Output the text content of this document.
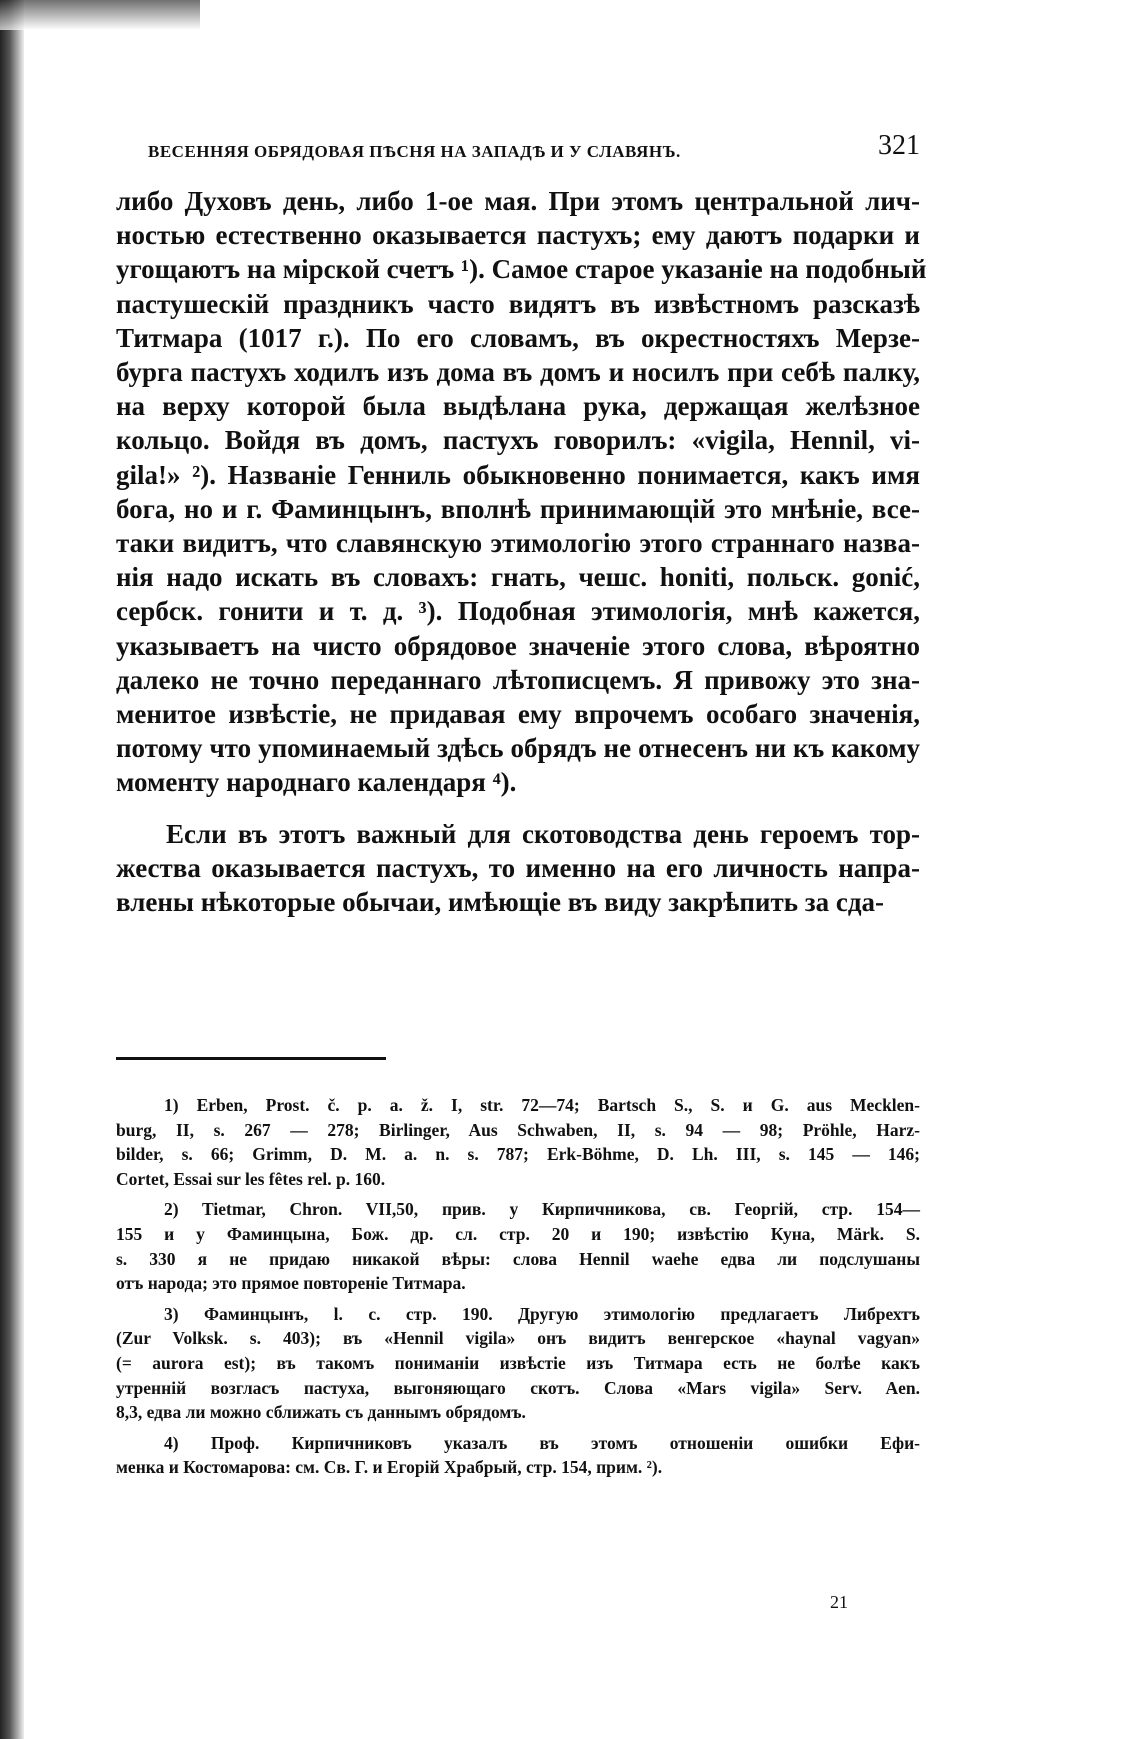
ВЕСЕННЯЯ ОБРЯДОВАЯ ПѢСНЯ НА ЗАПАДѢ И У СЛАВЯНЪ.	321
либо Духовъ день, либо 1-ое мая. При этомъ центральной лич-
ностью естественно оказывается пастухъ; ему даютъ подарки и
угощаютъ на мірской счетъ ¹). Самое старое указаніе на подобный
пастушескій праздникъ часто видятъ въ извѣстномъ разсказѣ
Титмара (1017 г.). По его словамъ, въ окрестностяхъ Мерзе-
бурга пастухъ ходилъ изъ дома въ домъ и носилъ при себѣ палку,
на верху которой была выдѣлана рука, держащая желѣзное
кольцо. Войдя въ домъ, пастухъ говорилъ: «vigila, Hennil, vi-
gila!» ²). Названіе Генниль обыкновенно понимается, какъ имя
бога, но и г. Фаминцынъ, вполнѣ принимающій это мнѣніе, все-
таки видитъ, что славянскую этимологію этого страннаго назва-
нія надо искать въ словахъ: гнать, чешс. honiti, польск. gonić,
сербск. гонити и т. д. ³). Подобная этимологія, мнѣ кажется,
указываетъ на чисто обрядовое значеніе этого слова, вѣроятно
далеко не точно переданнаго лѣтописцемъ. Я привожу это зна-
менитое извѣстіе, не придавая ему впрочемъ особаго значенія,
потому что упоминаемый здѣсь обрядъ не отнесенъ ни къ какому
моменту народнаго календаря ⁴).
Если въ этотъ важный для скотоводства день героемъ тор-
жества оказывается пастухъ, то именно на его личность напра-
влены нѣкоторые обычаи, имѣющіе въ виду закрѣпить за сда-
1) Erben, Prost. č. p. a. ž. I, str. 72—74; Bartsch S., S. и G. aus Mecklen-
burg, II, s. 267 — 278; Birlinger, Aus Schwaben, II, s. 94 — 98; Pröhle, Harz-
bilder, s. 66; Grimm, D. M. a. n. s. 787; Erk-Böhme, D. Lh. III, s. 145 — 146;
Cortet, Essai sur les fêtes rel. p. 160.
2) Tietmar, Chron. VII,50, прив. у Кирпичникова, св. Георгій, стр. 154—
155 и у Фаминцына, Бож. др. сл. стр. 20 и 190; извѣстію Куна, Märk. S.
s. 330 я не придаю никакой вѣры: слова Hennil waehe едва ли подслушаны
отъ народа; это прямое повтореніе Титмара.
3) Фаминцынъ, l. c. стр. 190. Другую этимологію предлагаетъ Либрехтъ
(Zur Volksk. s. 403); въ «Hennil vigila» онъ видитъ венгерское «haynal vagyan»
(= aurora est); въ такомъ пониманіи извѣстіе изъ Титмара есть не болѣе какъ
утренній возгласъ пастуха, выгоняющаго скотъ. Слова «Mars vigila» Serv. Aen.
8,3, едва ли можно сближать съ даннымъ обрядомъ.
4) Проф. Кирпичниковъ указалъ въ этомъ отношеніи ошибки Ефи-
менка и Костомарова: см. Св. Г. и Егорій Храбрый, стр. 154, прим. ²).
21
